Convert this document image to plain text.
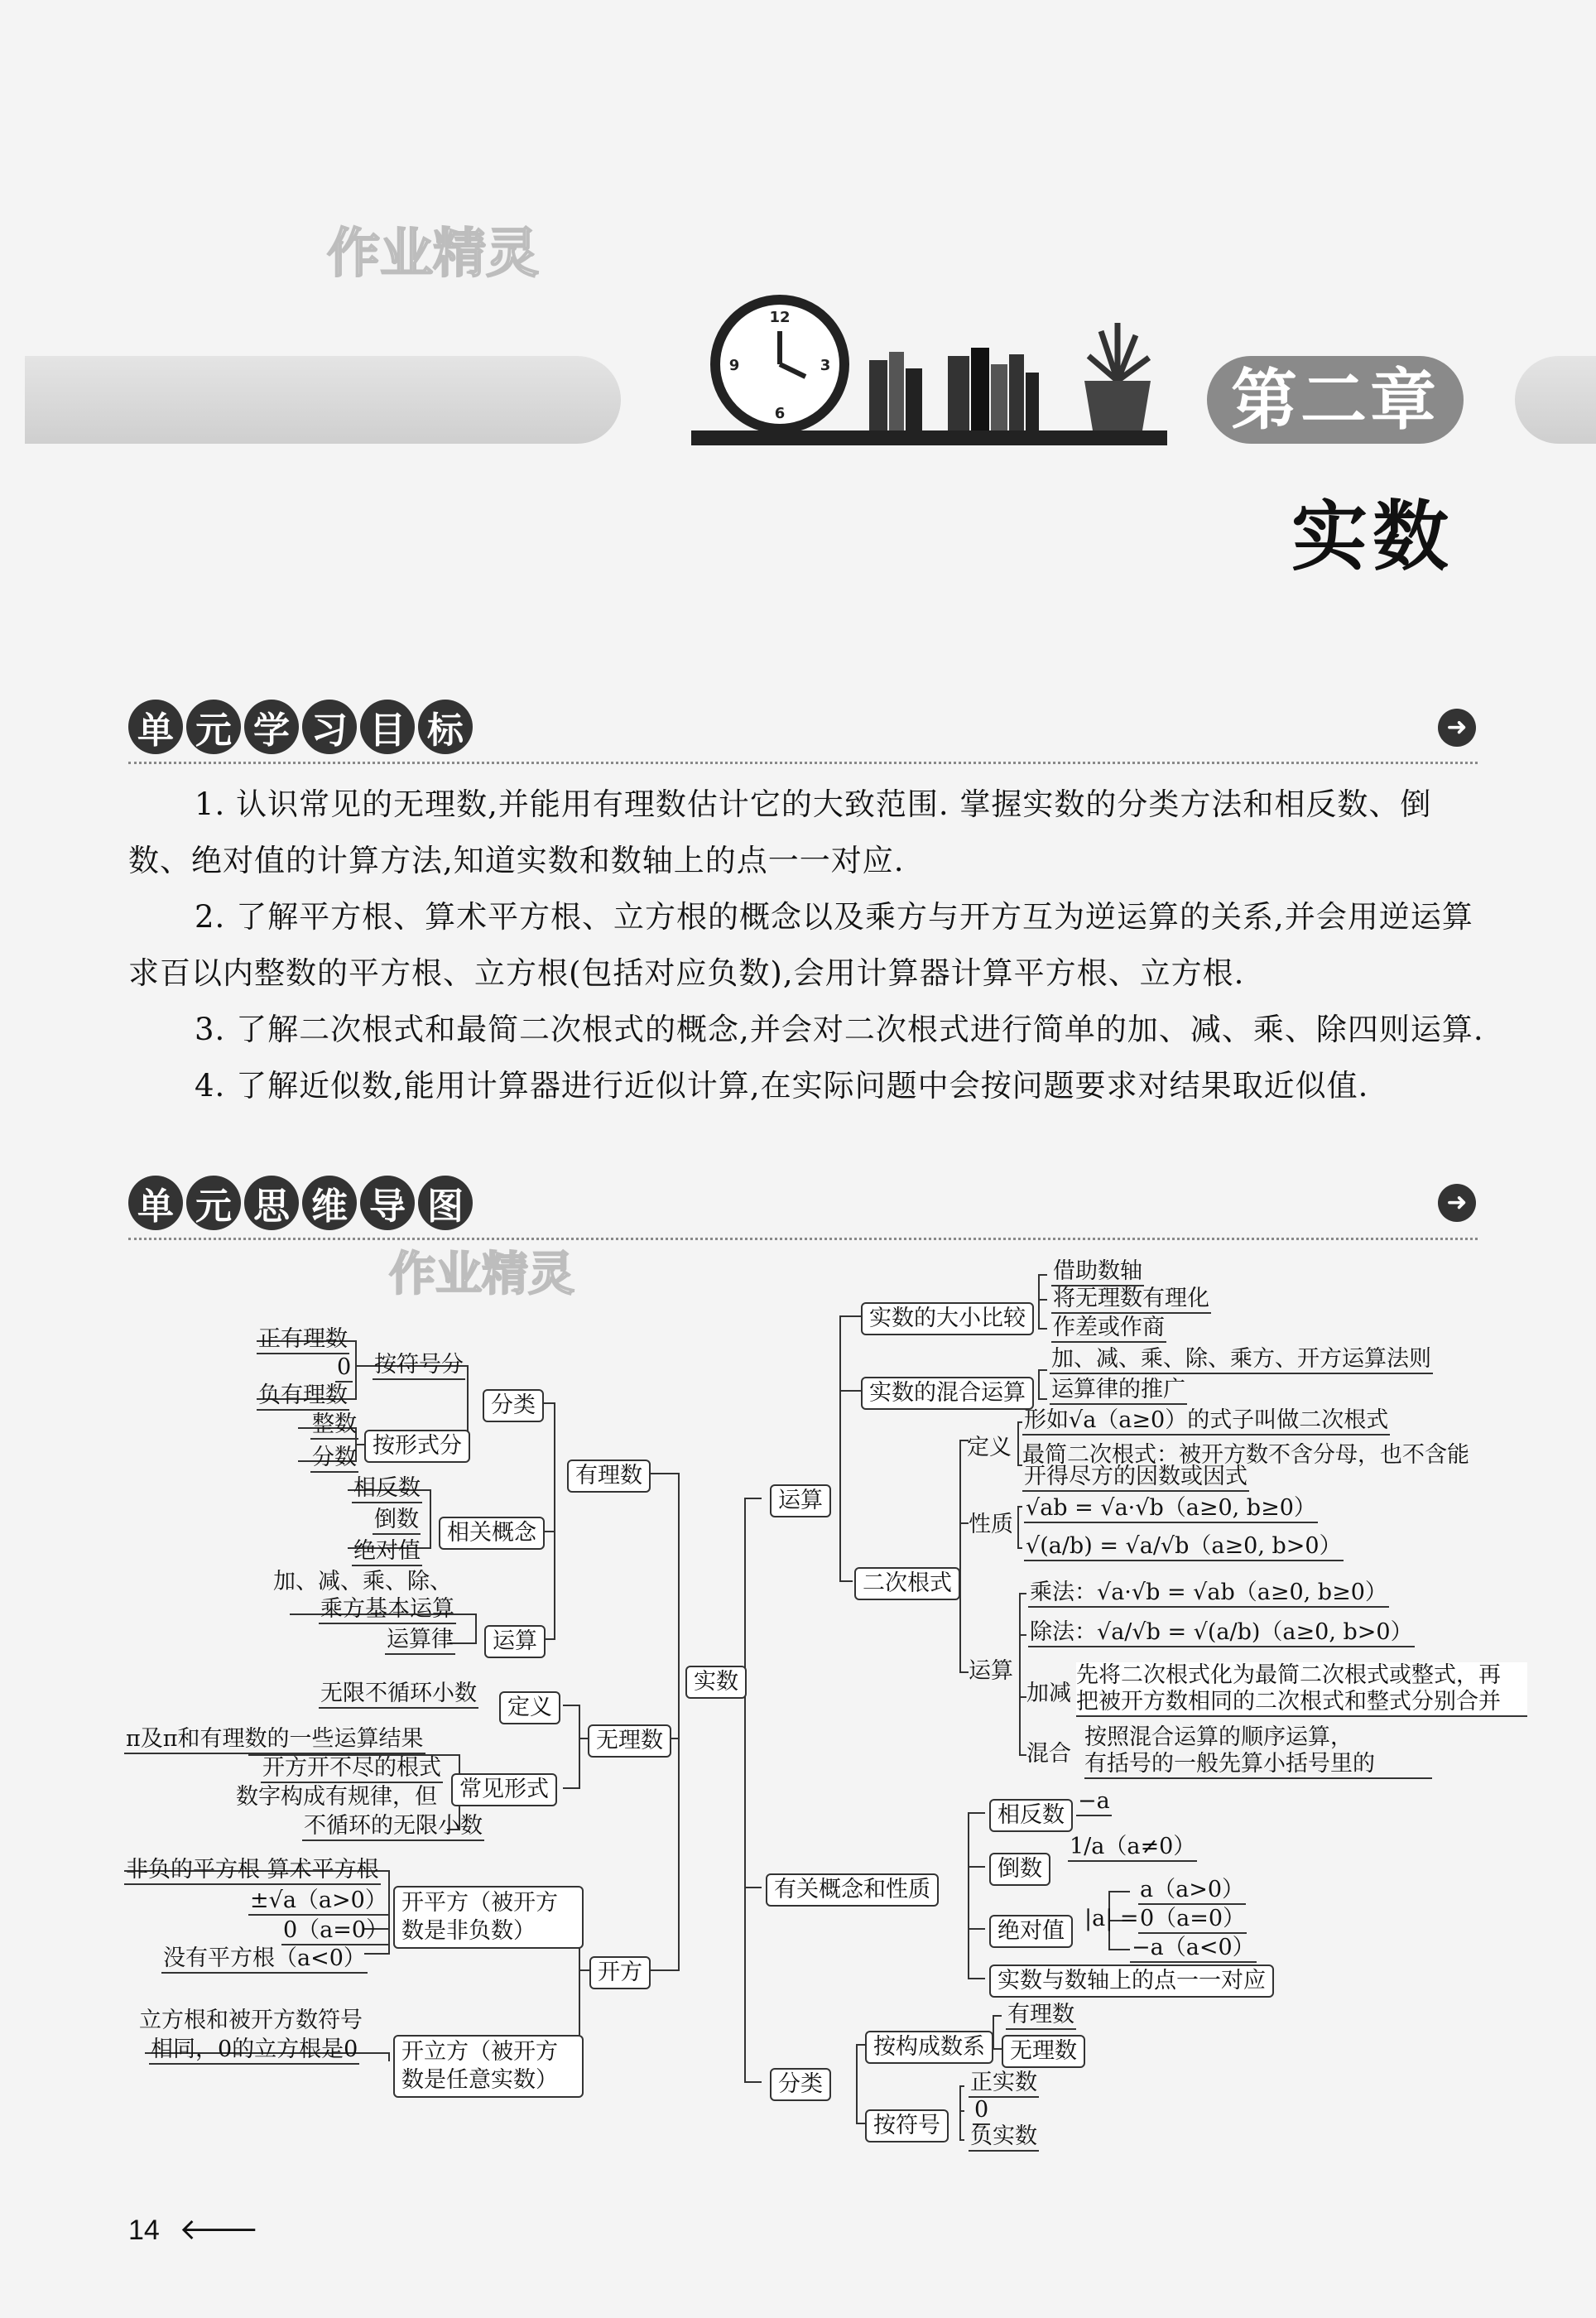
作业精灵
12
3
6
9	第二章
实数
单 元 学 习 目 标	➜
1. 认识常见的无理数,并能用有理数估计它的大致范围. 掌握实数的分类方法和相反数、倒
数、绝对值的计算方法,知道实数和数轴上的点一一对应.
2. 了解平方根、算术平方根、立方根的概念以及乘方与开方互为逆运算的关系,并会用逆运算
求百以内整数的平方根、立方根(包括对应负数),会用计算器计算平方根、立方根.
3. 了解二次根式和最简二次根式的概念,并会对二次根式进行简单的加、减、乘、除四则运算.
4. 了解近似数,能用计算器进行近似计算,在实际问题中会按问题要求对结果取近似值.
单 元 思 维 导 图	➜
作业精灵
实数
有理数
分类
按符号分
正有理数
0
负有理数
按形式分
整数
分数
相关概念
相反数
倒数
绝对值
加、减、乘、除、
乘方基本运算
运算律	运算
无理数
定义
无限不循环小数
常见形式
π及π和有理数的一些运算结果
开方开不尽的根式
数字构成有规律，但
不循环的无限小数
开方
开平方（被开方
数是非负数）
非负的平方根 算术平方根
±√a（a>0）
0（a=0）
没有平方根（a<0）
开立方（被开方
数是任意实数）
立方根和被开方数符号
相同，0的立方根是0
运算
实数的大小比较
借助数轴
将无理数有理化
作差或作商
实数的混合运算
加、减、乘、除、乘方、开方运算法则
运算律的推广
二次根式
定义
形如√a（a≥0）的式子叫做二次根式
最简二次根式：被开方数不含分母，也不含能
开得尽方的因数或因式
性质
√ab = √a·√b（a≥0, b≥0）
√(a/b) = √a/√b（a≥0, b>0）
运算
乘法：√a·√b = √ab（a≥0, b≥0）
除法：√a/√b = √(a/b)（a≥0, b>0）
加减
先将二次根式化为最简二次根式或整式，再
把被开方数相同的二次根式和整式分别合并
混合
按照混合运算的顺序运算，
有括号的一般先算小括号里的
有关概念和性质
相反数
−a
倒数
1/a（a≠0）
绝对值 |a| =
a（a>0）
0（a=0）
−a（a<0）
实数与数轴上的点一一对应
分类
按构成数系
有理数
无理数
按符号
正实数
0
负实数
14 🡐
